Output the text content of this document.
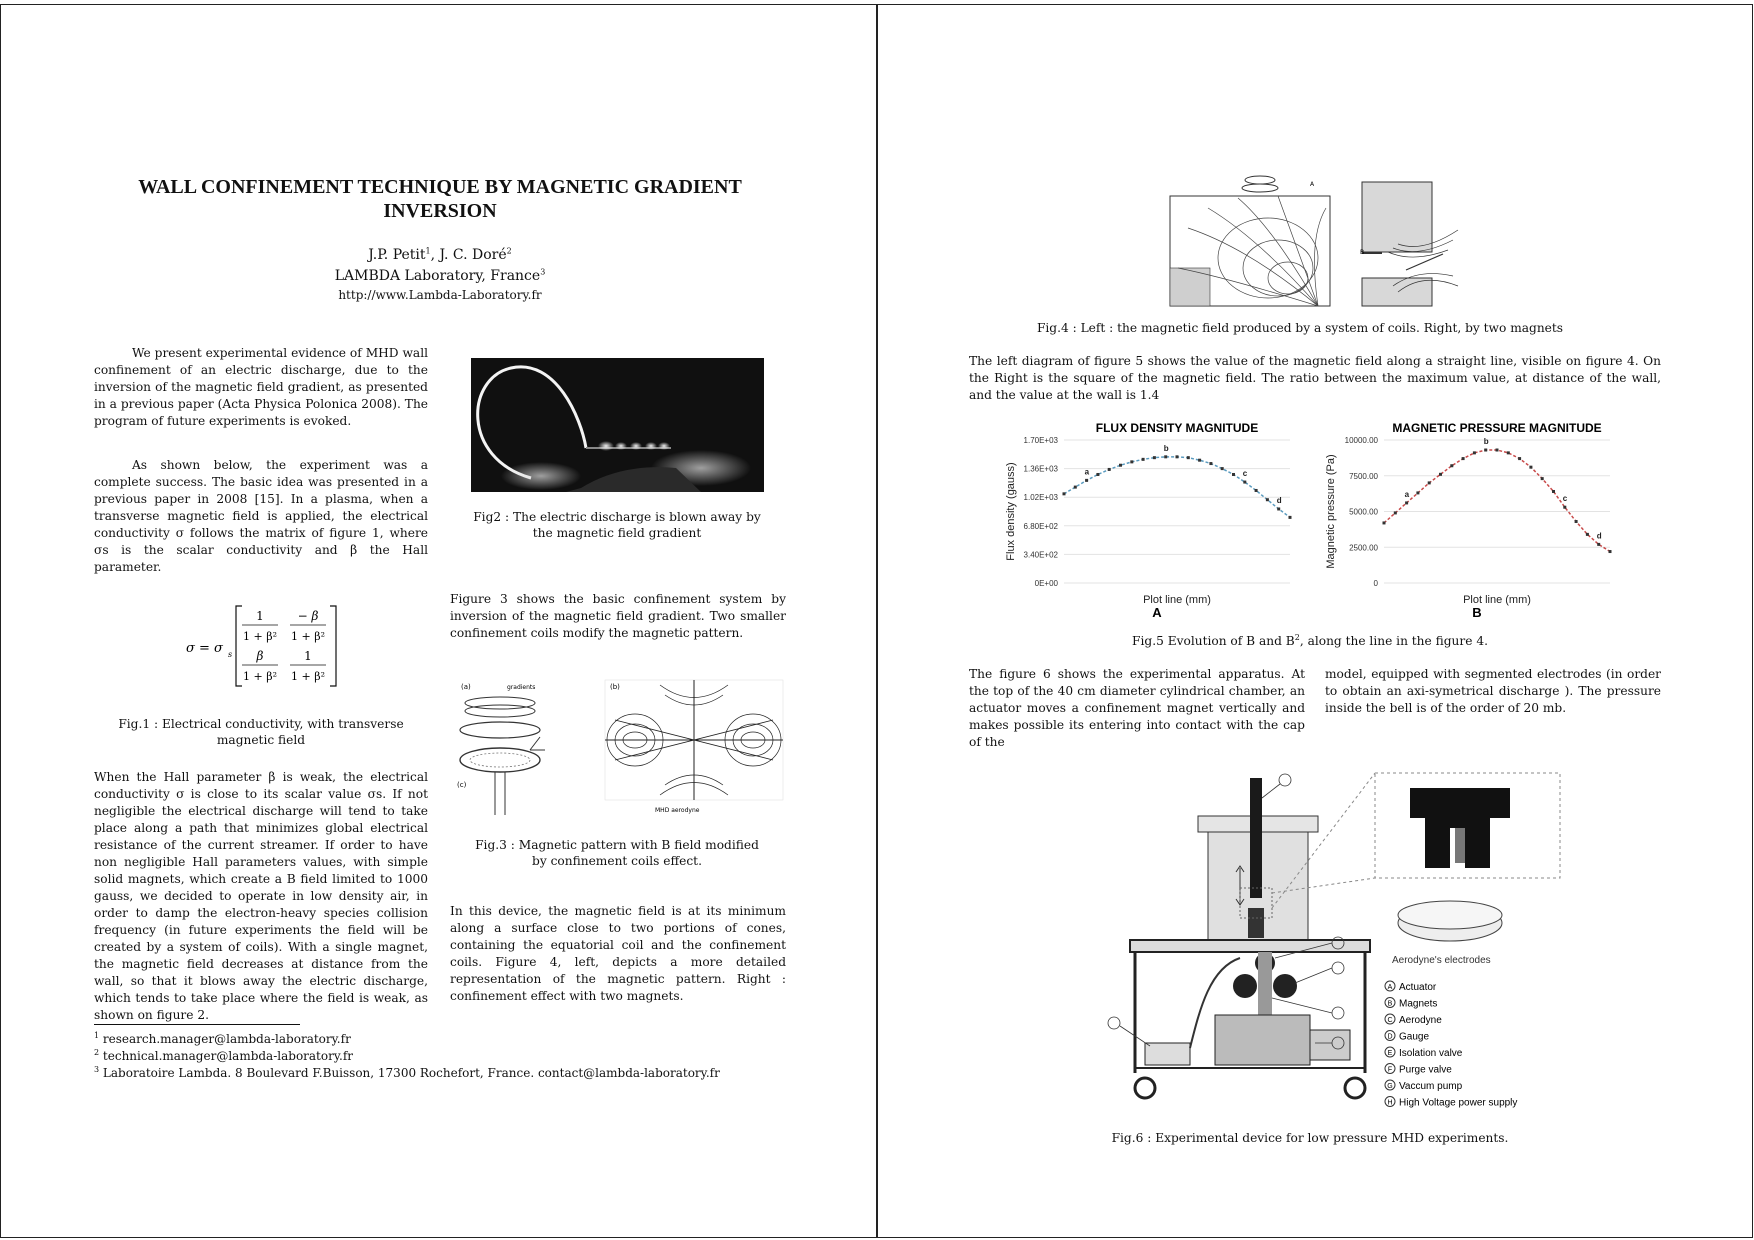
WALL CONFINEMENT TECHNIQUE BY MAGNETIC GRADIENT
INVERSION
J.P. Petit$^1$, J. C. Doré$^2$
LAMBDA Laboratory, France$^3$
http://www.Lambda-Laboratory.fr
We present experimental evidence of MHD wall confinement of an electric discharge, due to the inversion of the magnetic field gradient, as presented in a previous paper (Acta Physica Polonica 2008). The program of future experiments is evoked.
As shown below, the experiment was a complete success. The basic idea was presented in a previous paper in 2008 [15]. In a plasma, when a transverse magnetic field is applied, the electrical conductivity σ follows the matrix of figure 1, where σs is the scalar conductivity and β the Hall parameter.
σ = σ s
1
1 + β²
− β
1 + β²
β
1 + β²
1
1 + β²
Fig.1 : Electrical conductivity, with transverse magnetic field
When the Hall parameter β is weak, the electrical conductivity σ is close to its scalar value σs. If not negligible the electrical discharge will tend to take place along a path that minimizes global electrical resistance of the current streamer. If order to have non negligible Hall parameters values, with simple solid magnets, which create a B field limited to 1000 gauss, we decided to operate in low density air, in order to damp the electron-heavy species collision frequency (in future experiments the field will be created by a system of coils). With a single magnet, the magnetic field decreases at distance from the wall, so that it blows away the electric discharge, which tends to take place where the field is weak, as shown on figure 2.
Fig2 : The electric discharge is blown away by the magnetic field gradient
Figure 3 shows the basic confinement system by inversion of the magnetic field gradient. Two smaller confinement coils modify the magnetic pattern.
(a)	gradients
(c)
(b)
MHD aerodyne
Fig.3 : Magnetic pattern with B field modified by confinement coils effect.
In this device, the magnetic field is at its minimum along a surface close to two portions of cones, containing the equatorial coil and the confinement coils. Figure 4, left, depicts a more detailed representation of the magnetic pattern. Right : confinement effect with two magnets.
$^1$ research.manager@lambda-laboratory.fr
$^2$ technical.manager@lambda-laboratory.fr
$^3$ Laboratoire Lambda. 8 Boulevard F.Buisson, 17300 Rochefort, France. contact@lambda-laboratory.fr
A
B
Fig.4 : Left : the magnetic field produced by a system of coils. Right, by two magnets
The left diagram of figure 5 shows the value of the magnetic field along a straight line, visible on figure 4. On the Right is the square of the magnetic field. The ratio between the maximum value, at distance of the wall, and the value at the wall is 1.4
FLUX DENSITY MAGNITUDE
0E+00
3.40E+02
6.80E+02
1.02E+03
1.36E+03
1.70E+03
Flux density (gauss)
Plot line (mm)
A
a
b
c
d
MAGNETIC PRESSURE MAGNITUDE
0
2500.00
5000.00
7500.00
10000.00
Magnetic pressure (Pa)
Plot line (mm)
B
a
b
c
d
Fig.5 Evolution of B and $B^2$, along the line in the figure 4.
The figure 6 shows the experimental apparatus. At the top of the 40 cm diameter cylindrical chamber, an actuator moves a confinement magnet vertically and makes possible its entering into contact with the cap of the
model, equipped with segmented electrodes (in order to obtain an axi-symetrical discharge ). The pressure inside the bell is of the order of 20 mb.
Aerodyne's electrodes
A Actuator
B Magnets
C Aerodyne
D Gauge
E Isolation valve
F Purge valve
G Vaccum pump
H High Voltage power supply
Fig.6 : Experimental device for low pressure MHD experiments.
